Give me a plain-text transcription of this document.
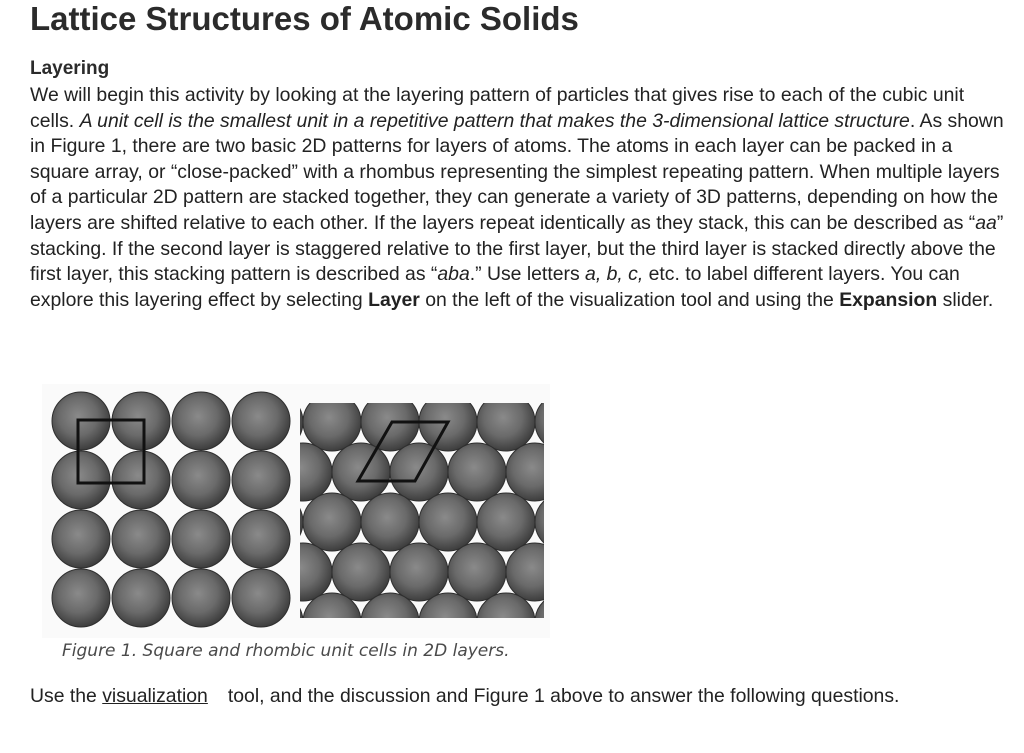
Lattice Structures of Atomic Solids
Layering

We will begin this activity by looking at the layering pattern of particles that gives rise to each of the cubic unit cells. A unit cell is the smallest unit in a repetitive pattern that makes the 3-dimensional lattice structure. As shown in Figure 1, there are two basic 2D patterns for layers of atoms. The atoms in each layer can be packed in a square array, or “close-packed” with a rhombus representing the simplest repeating pattern. When multiple layers of a particular 2D pattern are stacked together, they can generate a variety of 3D patterns, depending on how the layers are shifted relative to each other. If the layers repeat identically as they stack, this can be described as “aa” stacking. If the second layer is staggered relative to the first layer, but the third layer is stacked directly above the first layer, this stacking pattern is described as “aba.” Use letters a, b, c, etc. to label different layers. You can explore this layering effect by selecting Layer on the left of the visualization tool and using the Expansion slider.

Figure 1. Square and rhombic unit cells in 2D layers.

Use the visualization tool, and the discussion and Figure 1 above to answer the following questions.
